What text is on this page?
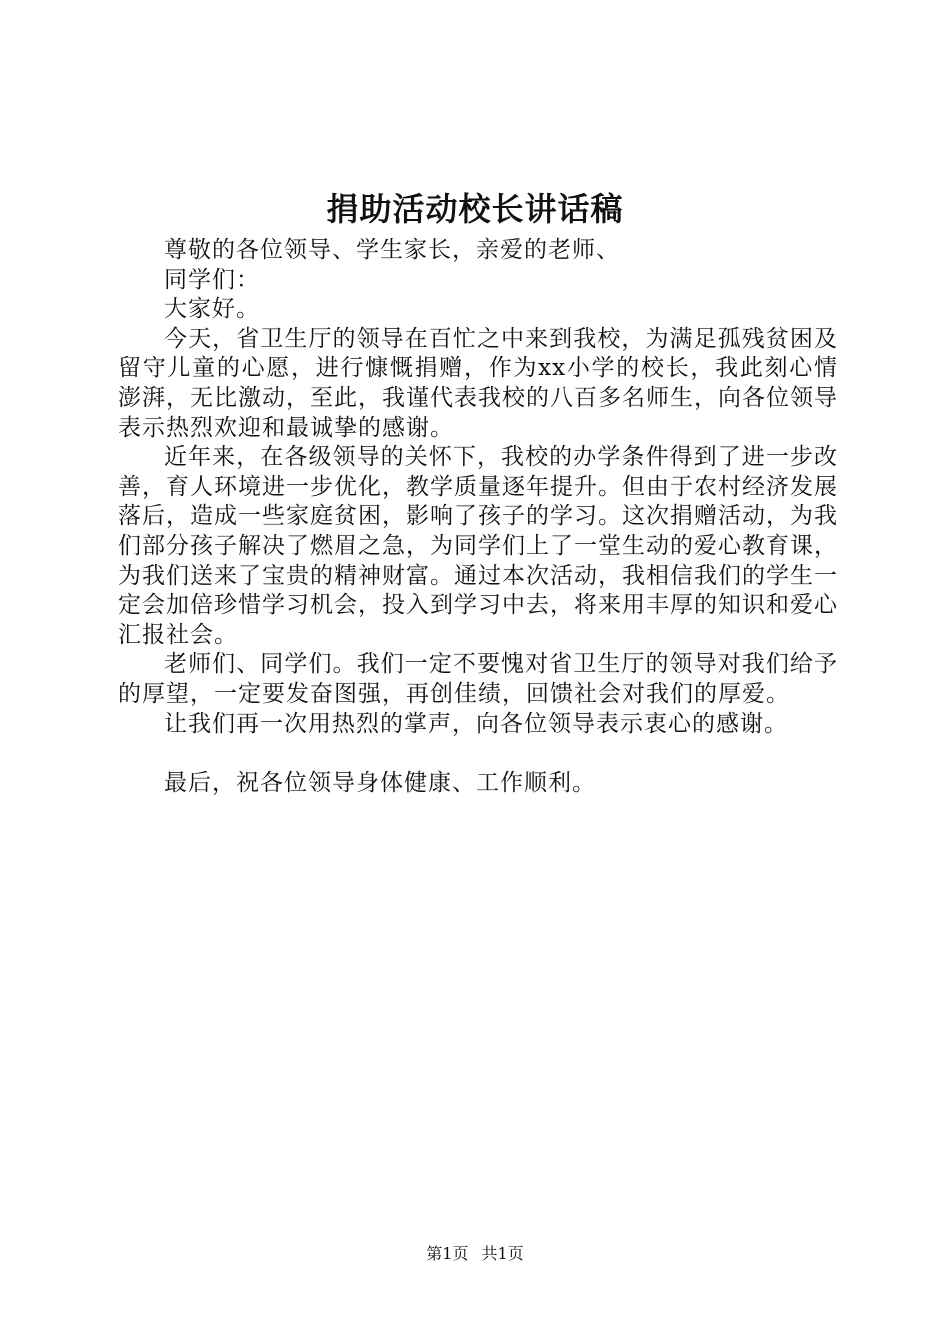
捐助活动校长讲话稿

尊敬的各位领导、学生家长，亲爱的老师、

同学们：

大家好。

今天，省卫生厅的领导在百忙之中来到我校，为满足孤残贫困及留守儿童的心愿，进行慷慨捐赠，作为xx小学的校长，我此刻心情澎湃，无比激动，至此，我谨代表我校的八百多名师生，向各位领导表示热烈欢迎和最诚挚的感谢。

近年来，在各级领导的关怀下，我校的办学条件得到了进一步改善，育人环境进一步优化，教学质量逐年提升。但由于农村经济发展落后，造成一些家庭贫困，影响了孩子的学习。这次捐赠活动，为我们部分孩子解决了燃眉之急，为同学们上了一堂生动的爱心教育课，为我们送来了宝贵的精神财富。通过本次活动，我相信我们的学生一定会加倍珍惜学习机会，投入到学习中去，将来用丰厚的知识和爱心汇报社会。

老师们、同学们。我们一定不要愧对省卫生厅的领导对我们给予的厚望，一定要发奋图强，再创佳绩，回馈社会对我们的厚爱。

让我们再一次用热烈的掌声，向各位领导表示衷心的感谢。

最后，祝各位领导身体健康、工作顺利。

第1页 共1页
